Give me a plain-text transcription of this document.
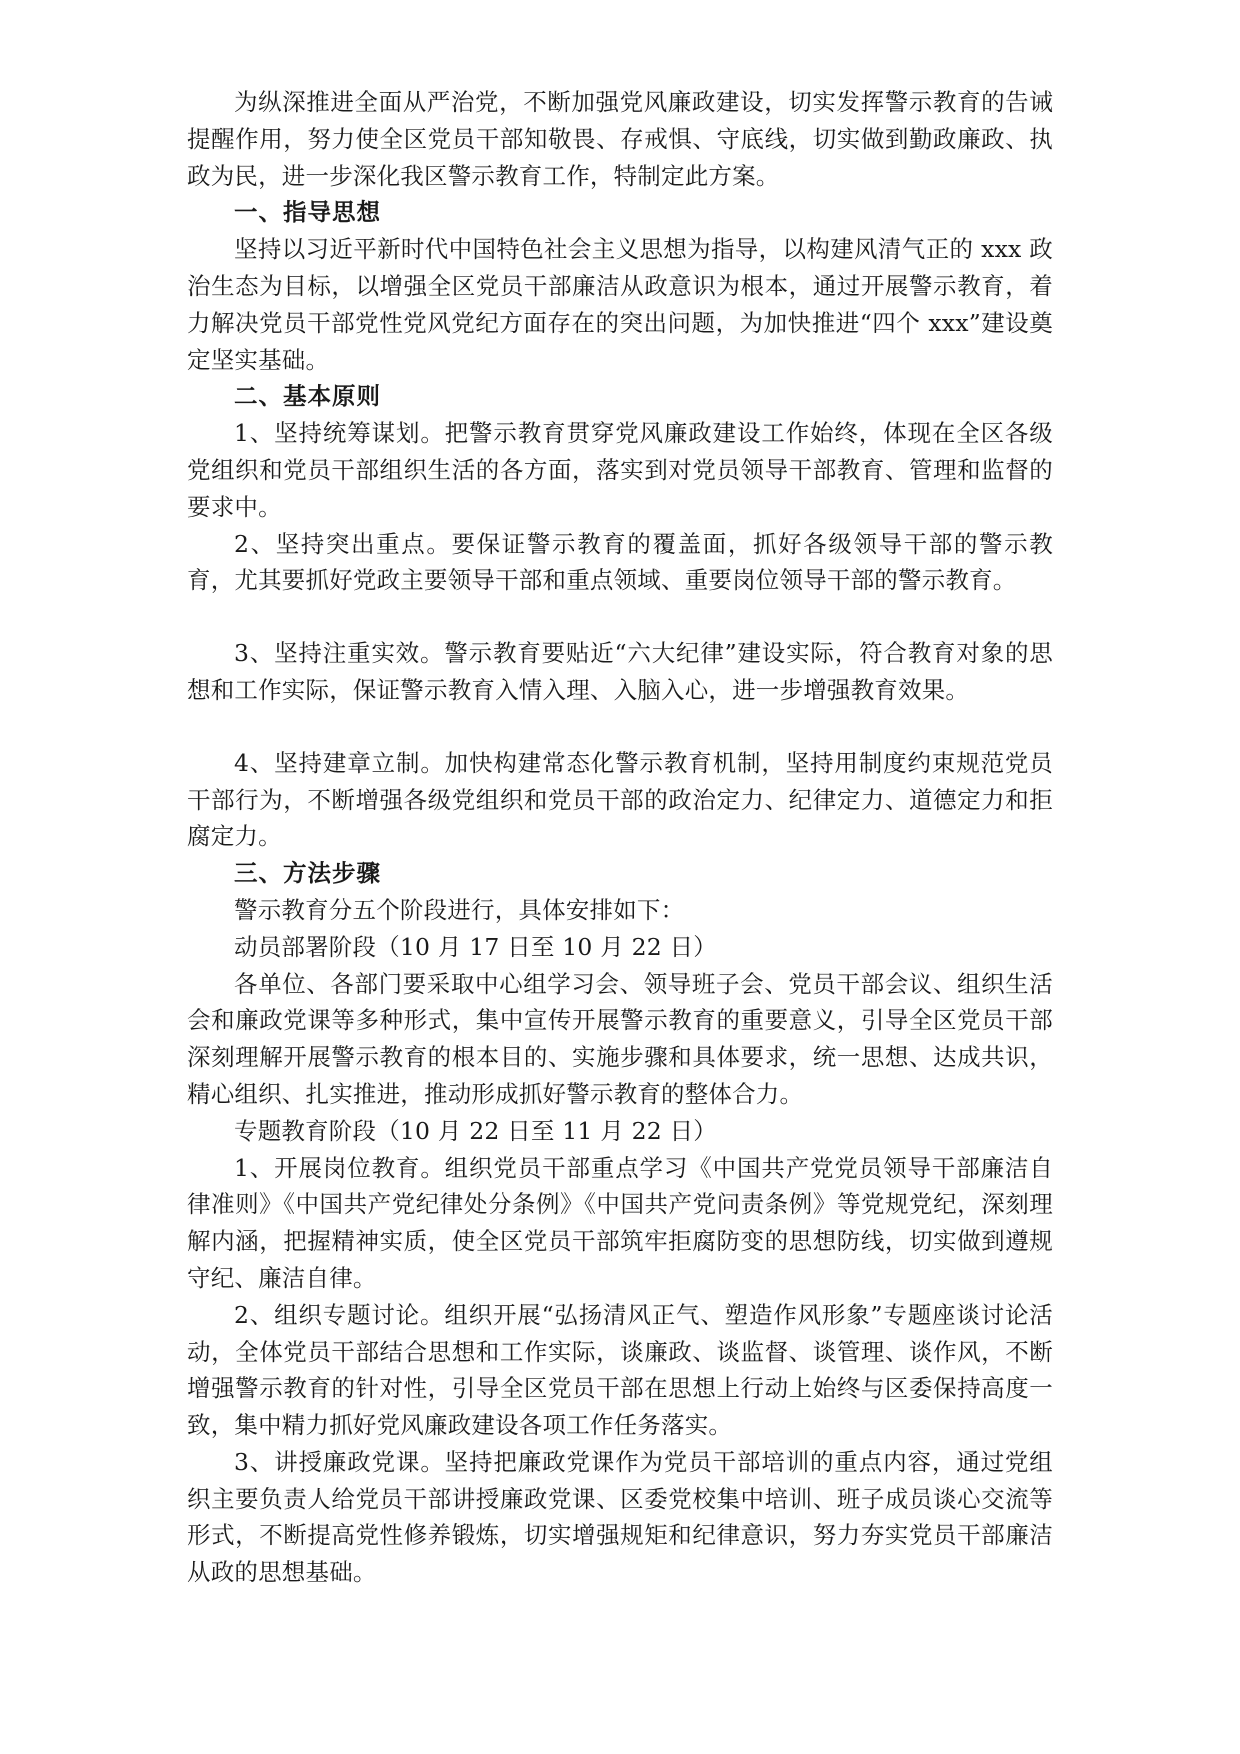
为纵深推进全面从严治党，不断加强党风廉政建设，切实发挥警示教育的告诫提醒作用，努力使全区党员干部知敬畏、存戒惧、守底线，切实做到勤政廉政、执政为民，进一步深化我区警示教育工作，特制定此方案。

一、指导思想

坚持以习近平新时代中国特色社会主义思想为指导，以构建风清气正的 xxx 政治生态为目标，以增强全区党员干部廉洁从政意识为根本，通过开展警示教育，着力解决党员干部党性党风党纪方面存在的突出问题，为加快推进“四个 xxx”建设奠定坚实基础。

二、基本原则

1、坚持统筹谋划。把警示教育贯穿党风廉政建设工作始终，体现在全区各级党组织和党员干部组织生活的各方面，落实到对党员领导干部教育、管理和监督的要求中。

2、坚持突出重点。要保证警示教育的覆盖面，抓好各级领导干部的警示教育，尤其要抓好党政主要领导干部和重点领域、重要岗位领导干部的警示教育。

3、坚持注重实效。警示教育要贴近“六大纪律”建设实际，符合教育对象的思想和工作实际，保证警示教育入情入理、入脑入心，进一步增强教育效果。

4、坚持建章立制。加快构建常态化警示教育机制，坚持用制度约束规范党员干部行为，不断增强各级党组织和党员干部的政治定力、纪律定力、道德定力和拒腐定力。

三、方法步骤

警示教育分五个阶段进行，具体安排如下：

动员部署阶段（10 月 17 日至 10 月 22 日）

各单位、各部门要采取中心组学习会、领导班子会、党员干部会议、组织生活会和廉政党课等多种形式，集中宣传开展警示教育的重要意义，引导全区党员干部深刻理解开展警示教育的根本目的、实施步骤和具体要求，统一思想、达成共识，精心组织、扎实推进，推动形成抓好警示教育的整体合力。

专题教育阶段（10 月 22 日至 11 月 22 日）

1、开展岗位教育。组织党员干部重点学习《中国共产党党员领导干部廉洁自律准则》《中国共产党纪律处分条例》《中国共产党问责条例》等党规党纪，深刻理解内涵，把握精神实质，使全区党员干部筑牢拒腐防变的思想防线，切实做到遵规守纪、廉洁自律。

2、组织专题讨论。组织开展“弘扬清风正气、塑造作风形象”专题座谈讨论活动，全体党员干部结合思想和工作实际，谈廉政、谈监督、谈管理、谈作风，不断增强警示教育的针对性，引导全区党员干部在思想上行动上始终与区委保持高度一致，集中精力抓好党风廉政建设各项工作任务落实。

3、讲授廉政党课。坚持把廉政党课作为党员干部培训的重点内容，通过党组织主要负责人给党员干部讲授廉政党课、区委党校集中培训、班子成员谈心交流等形式，不断提高党性修养锻炼，切实增强规矩和纪律意识，努力夯实党员干部廉洁从政的思想基础。
